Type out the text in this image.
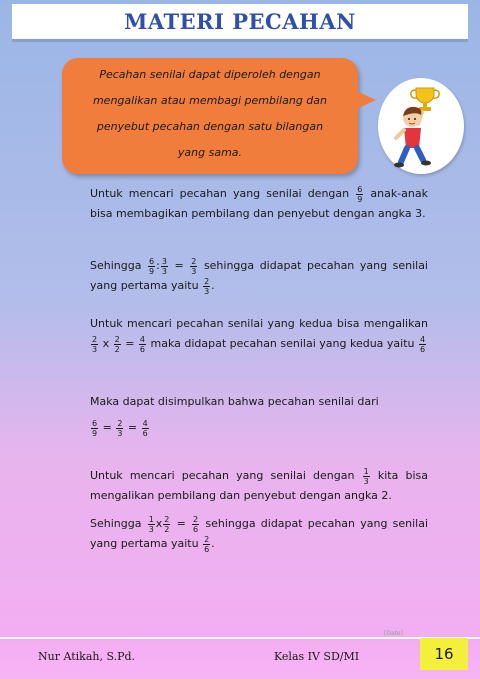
MATERI PECAHAN
Pecahan senilai dapat diperoleh dengan
mengalikan atau membagi pembilang dan
penyebut pecahan dengan satu bilangan
yang sama.
Untuk mencari pecahan yang senilai dengan $\frac{6}{9}$ anak-anak bisa membagikan pembilang dan penyebut dengan angka 3.
Sehingga $\frac{6}{9}$ : $\frac{3}{3} = \frac{2}{3}$ sehingga didapat pecahan yang senilai yang pertama yaitu $\frac{2}{3}$ .
Untuk mencari pecahan senilai yang kedua bisa mengalikan
$\frac{2}{3}$ x $\frac{2}{2} = \frac{4}{6}$ maka didapat pecahan senilai yang kedua yaitu $\frac{4}{6}$
Maka dapat disimpulkan bahwa pecahan senilai dari
$\frac{6}{9} = \frac{2}{3} = \frac{4}{6}$
Untuk mencari pecahan yang senilai dengan $\frac{1}{3}$ kita bisa mengalikan pembilang dan penyebut dengan angka 2.
Sehingga $\frac{1}{3}$ x $\frac{2}{2} = \frac{2}{6}$ sehingga didapat pecahan yang senilai yang pertama yaitu $\frac{2}{6}$ .
[Date]
Nur Atikah, S.Pd.	Kelas IV SD/MI	16
